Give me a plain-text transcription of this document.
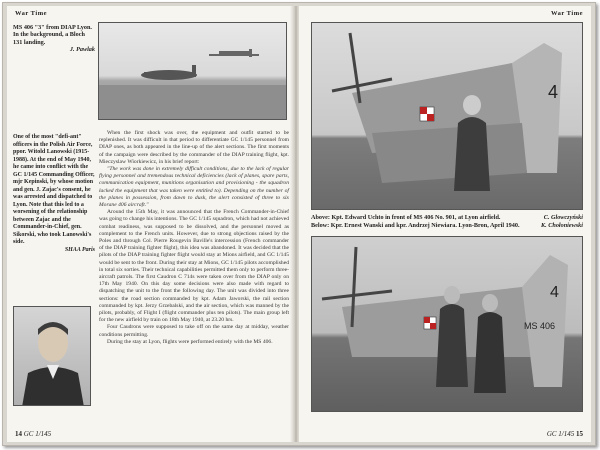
War Time
MS 406 "3" from DIAP Lyon. In the background, a Bloch 131 landing.

J. Pawlak
One of the most "defi-ant" officers in the Polish Air Force, ppor. Witold Lanowski (1915-1988). At the end of May 1940, he came into conflict with the GC 1/145 Commanding Officer, mjr Kepinski, by whose motion and gen. J. Zajac's consent, he was arrested and dispatched to Lyon. Note that this led to a worsening of the relationship between Zajac and the Commander-in-Chief, gen. Sikorski, who took Lanowski's side.

SHAA Paris

When the first shock was over, the equipment and outfit started to be replenished. It was difficult in that period to differentiate GC 1/145 personnel from DIAP ones, as both appeared in the line-up of the alert sections. The first moments of the campaign were described by the commander of the DIAP training flight, kpt. Mieczyslaw Wiorkiewicz, in his brief report:

"The work was done in extremely difficult conditions, due to the lack of regular flying personnel and tremendous technical deficiencies (lack of planes, spare parts, communication equipment, munitions organisation and provisioning - the squadron lacked the equipment that was taken were entitled to). Depending on the number of the planes in possession, from dawn to dusk, the alert consisted of three to six Morane 406 aircraft."

Around the 15th May, it was announced that the French Commander-in-Chief was going to change his intentions. The GC 1/145 squadron, which had not achieved combat readiness, was supposed to be dissolved, and the personnel moved as complement to the French units. However, due to strong objections raised by the Poles and through Col. Pierre Rougevin Baville's intercession (French commander of the DIAP training fighter flight), this idea was abandoned. It was decided that the pilots of the DIAP training fighter flight would stay at Mions airfield, and GC 1/145 would be sent to the front. During their stay at Mions, GC 1/145 pilots accomplished in total six sorties. Their technical capabilities permitted them only to perform three-aircraft patrols. The first Caudron C 714s were taken over from the DIAP only on 17th May 1940. On this day some decisions were also made with regard to dispatching the unit to the front the following day. The unit was divided into three sections: the road section commanded by kpt. Adam Jaworski, the rail section commanded by kpt. Jerzy Grzebalski, and the air section, which was manned by the pilots, probably, of Flight I (flight commander plus ten pilots). The main group left for the new airfield by train on 18th May 1940, at 23.20 hrs.

Four Caudrons were supposed to take off on the same day at midday, weather conditions permitting.

During the stay at Lyon, flights were performed entirely with the MS 406.

14 GC 1/145
War Time
4
C. Glowczyński
Above: Kpt. Edward Uchto in front of MS 406 No. 901, at Lyon airfield.
K. Chołoniewski
Below: Kpr. Ernest Wanski and kpr. Andrzej Niewiara. Lyon-Bron, April 1940.
MS 406
4
GC 1/145 15
